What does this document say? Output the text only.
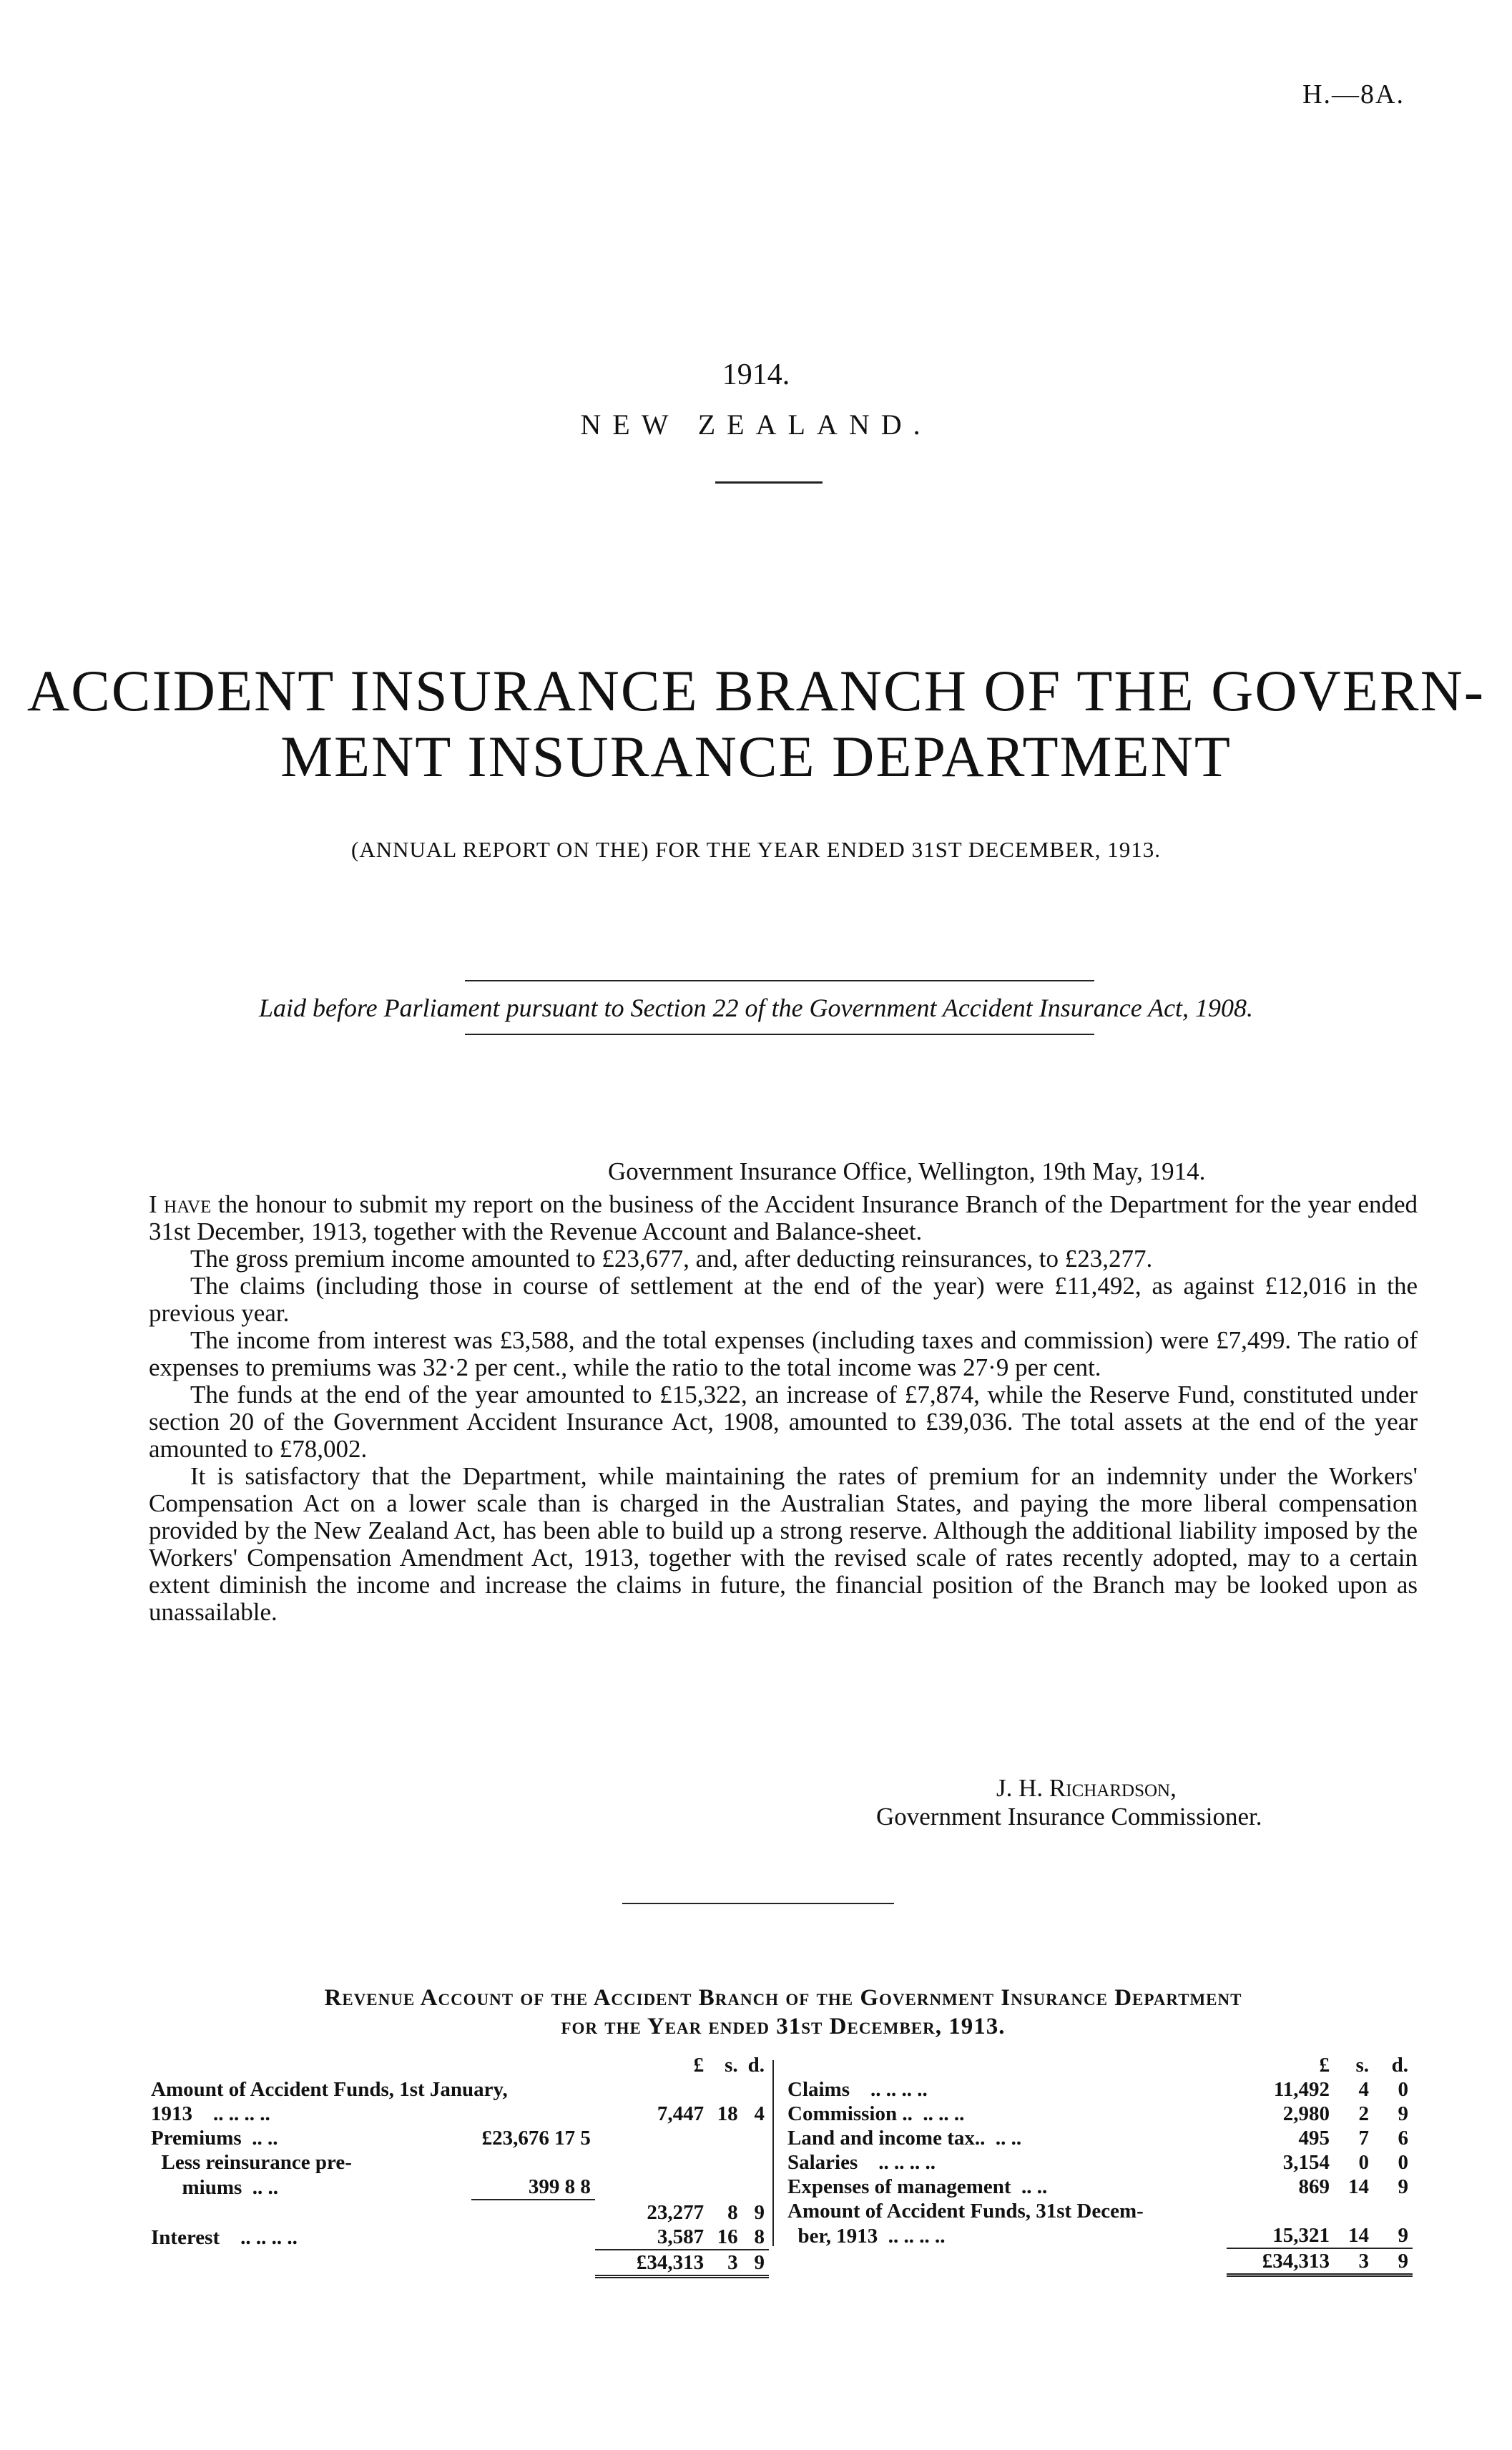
H.—8A.
1914.
NEW ZEALAND.
ACCIDENT INSURANCE BRANCH OF THE GOVERN-
MENT INSURANCE DEPARTMENT
(ANNUAL REPORT ON THE) FOR THE YEAR ENDED 31ST DECEMBER, 1913.
Laid before Parliament pursuant to Section 22 of the Government Accident Insurance Act, 1908.
Government Insurance Office, Wellington, 19th May, 1914.

I have the honour to submit my report on the business of the Accident Insurance Branch of the Department for the year ended 31st December, 1913, together with the Revenue Account and Balance-sheet.

The gross premium income amounted to £23,677, and, after deducting reinsurances, to £23,277.

The claims (including those in course of settlement at the end of the year) were £11,492, as against £12,016 in the previous year.

The income from interest was £3,588, and the total expenses (including taxes and commission) were £7,499. The ratio of expenses to premiums was 32·2 per cent., while the ratio to the total income was 27·9 per cent.

The funds at the end of the year amounted to £15,322, an increase of £7,874, while the Reserve Fund, constituted under section 20 of the Government Accident Insurance Act, 1908, amounted to £39,036. The total assets at the end of the year amounted to £78,002.

It is satisfactory that the Department, while maintaining the rates of premium for an indemnity under the Workers' Compensation Act on a lower scale than is charged in the Australian States, and paying the more liberal compensation provided by the New Zealand Act, has been able to build up a strong reserve. Although the additional liability imposed by the Workers' Compensation Amendment Act, 1913, together with the revised scale of rates recently adopted, may to a certain extent diminish the income and increase the claims in future, the financial position of the Branch may be looked upon as unassailable.

J. H. Richardson,
Government Insurance Commissioner.
Revenue Account of the Accident Branch of the Government Insurance Department
for the Year ended 31st December, 1913.
		£	s.	d.
Amount of Accident Funds, 1st January,				
1913 .. .. .. ..		7,447	18	4
Premiums .. ..	£23,676 17 5			
Less reinsurance pre-				
miums .. ..	399 8 8			
		23,277	8	9
Interest .. .. .. ..		3,587	16	8
		£34,313	3	9
	£	s.	d.
Claims .. .. .. ..	11,492	4	0
Commission .. .. .. ..	2,980	2	9
Land and income tax.. .. ..	495	7	6
Salaries .. .. .. ..	3,154	0	0
Expenses of management .. ..	869	14	9
Amount of Accident Funds, 31st Decem-			
ber, 1913 .. .. .. ..	15,321	14	9
	£34,313	3	9
